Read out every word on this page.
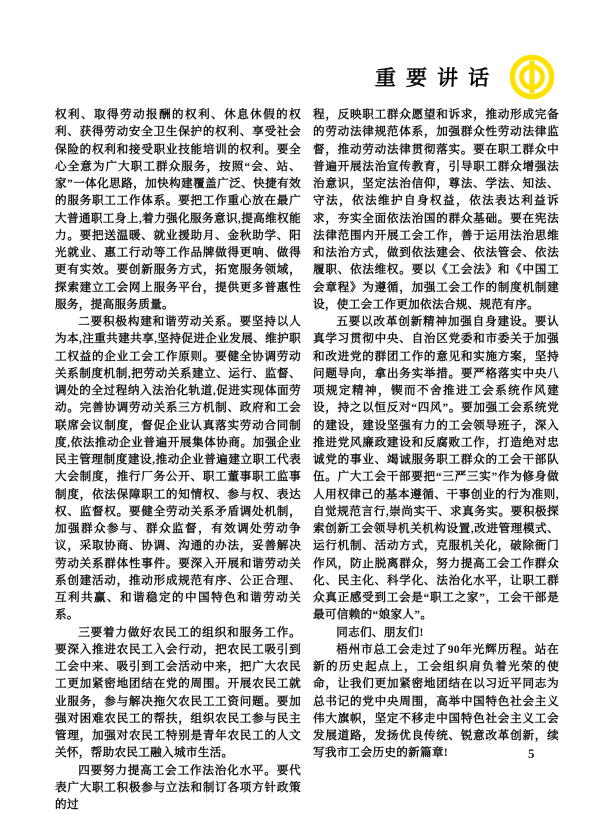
重要讲话

权利、取得劳动报酬的权利、休息休假的权利、获得劳动安全卫生保护的权利、享受社会保险的权利和接受职业技能培训的权利。要全心全意为广大职工群众服务，按照“会、站、家”一体化思路，加快构建覆盖广泛、快捷有效的服务职工工作体系。要把工作重心放在最广大普通职工身上,着力强化服务意识,提高维权能力。要把送温暖、就业援助月、金秋助学、阳光就业、惠工行动等工作品牌做得更响、做得更有实效。要创新服务方式，拓宽服务领域，探索建立工会网上服务平台，提供更多普惠性服务，提高服务质量。

二要积极构建和谐劳动关系。要坚持以人为本,注重共建共享,坚持促进企业发展、维护职工权益的企业工会工作原则。要健全协调劳动关系制度机制,把劳动关系建立、运行、监督、调处的全过程纳入法治化轨道,促进实现体面劳动。完善协调劳动关系三方机制、政府和工会联席会议制度，督促企业认真落实劳动合同制度,依法推动企业普遍开展集体协商。加强企业民主管理制度建设,推动企业普遍建立职工代表大会制度，推行厂务公开、职工董事职工监事制度，依法保障职工的知情权、参与权、表达权、监督权。要健全劳动关系矛盾调处机制，加强群众参与、群众监督，有效调处劳动争议，采取协商、协调、沟通的办法，妥善解决劳动关系群体性事件。要深入开展和谐劳动关系创建活动，推动形成规范有序、公正合理、互利共赢、和谐稳定的中国特色和谐劳动关系。

三要着力做好农民工的组织和服务工作。要深入推进农民工入会行动，把农民工吸引到工会中来、吸引到工会活动中来，把广大农民工更加紧密地团结在党的周围。开展农民工就业服务，参与解决拖欠农民工工资问题。要加强对困难农民工的帮扶，组织农民工参与民主管理，加强对农民工特别是青年农民工的人文关怀，帮助农民工融入城市生活。

四要努力提高工会工作法治化水平。要代表广大职工积极参与立法和制订各项方针政策的过

程，反映职工群众愿望和诉求，推动形成完备的劳动法律规范体系，加强群众性劳动法律监督，推动劳动法律贯彻落实。要在职工群众中普遍开展法治宣传教育，引导职工群众增强法治意识，坚定法治信仰，尊法、学法、知法、守法，依法维护自身权益，依法表达利益诉求，夯实全面依法治国的群众基础。要在宪法法律范围内开展工会工作，善于运用法治思维和法治方式，做到依法建会、依法管会、依法履职、依法维权。要以《工会法》和《中国工会章程》为遵循，加强工会工作的制度机制建设，使工会工作更加依法合规、规范有序。

五要以改革创新精神加强自身建设。要认真学习贯彻中央、自治区党委和市委关于加强和改进党的群团工作的意见和实施方案，坚持问题导向，拿出务实举措。要严格落实中央八项规定精神，锲而不舍推进工会系统作风建设，持之以恒反对“四风”。要加强工会系统党的建设，建设坚强有力的工会领导班子，深入推进党风廉政建设和反腐败工作，打造绝对忠诚党的事业、竭诚服务职工群众的工会干部队伍。广大工会干部要把“三严三实”作为修身做人用权律己的基本遵循、干事创业的行为准则,自觉规范言行,崇尚实干、求真务实。要积极探索创新工会领导机关机构设置,改进管理模式、运行机制、活动方式，克服机关化，破除衙门作风，防止脱离群众，努力提高工会工作群众化、民主化、科学化、法治化水平，让职工群众真正感受到工会是“职工之家”，工会干部是最可信赖的“娘家人”。

同志们、朋友们!

梧州市总工会走过了90年光辉历程。站在新的历史起点上，工会组织肩负着光荣的使命，让我们更加紧密地团结在以习近平同志为总书记的党中央周围，高举中国特色社会主义伟大旗帜，坚定不移走中国特色社会主义工会发展道路，发扬优良传统、锐意改革创新，续写我市工会历史的新篇章!	5
